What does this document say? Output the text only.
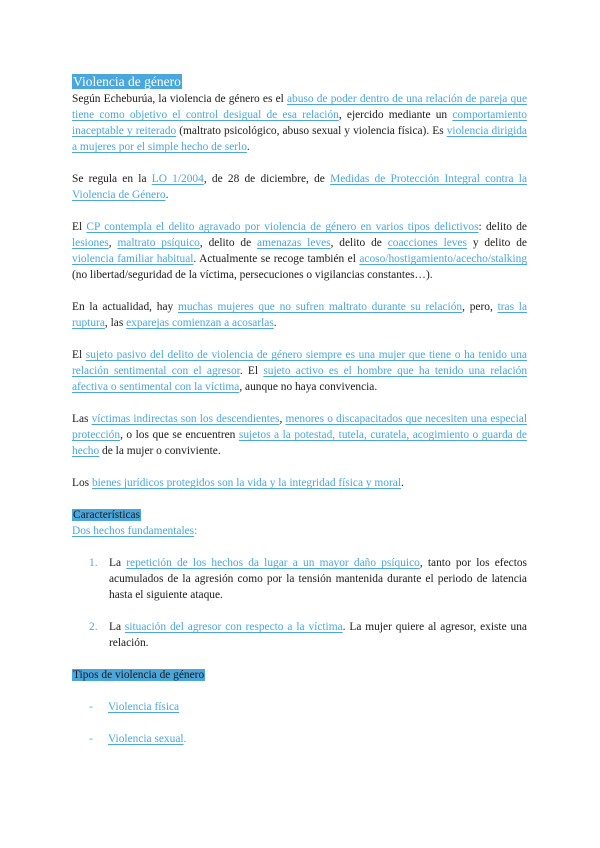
Violencia de género

Según Echeburúa, la violencia de género es el abuso de poder dentro de una relación de pareja que tiene como objetivo el control desigual de esa relación, ejercido mediante un comportamiento inaceptable y reiterado (maltrato psicológico, abuso sexual y violencia física). Es violencia dirigida a mujeres por el simple hecho de serlo.

Se regula en la LO 1/2004, de 28 de diciembre, de Medidas de Protección Integral contra la Violencia de Género.

El CP contempla el delito agravado por violencia de género en varios tipos delictivos: delito de lesiones, maltrato psíquico, delito de amenazas leves, delito de coacciones leves y delito de violencia familiar habitual. Actualmente se recoge también el acoso/hostigamiento/acecho/stalking (no libertad/seguridad de la víctima, persecuciones o vigilancias constantes…).

En la actualidad, hay muchas mujeres que no sufren maltrato durante su relación, pero, tras la ruptura, las exparejas comienzan a acosarlas.

El sujeto pasivo del delito de violencia de género siempre es una mujer que tiene o ha tenido una relación sentimental con el agresor. El sujeto activo es el hombre que ha tenido una relación afectiva o sentimental con la víctima, aunque no haya convivencia.

Las víctimas indirectas son los descendientes, menores o discapacitados que necesiten una especial protección, o los que se encuentren sujetos a la potestad, tutela, curatela, acogimiento o guarda de hecho de la mujer o conviviente.

Los bienes jurídicos protegidos son la vida y la integridad física y moral.

Características
Dos hechos fundamentales:
1. La repetición de los hechos da lugar a un mayor daño psíquico, tanto por los efectos acumulados de la agresión como por la tensión mantenida durante el periodo de latencia hasta el siguiente ataque.
2. La situación del agresor con respecto a la víctima. La mujer quiere al agresor, existe una relación.
Tipos de violencia de género
- Violencia física
- Violencia sexual.
